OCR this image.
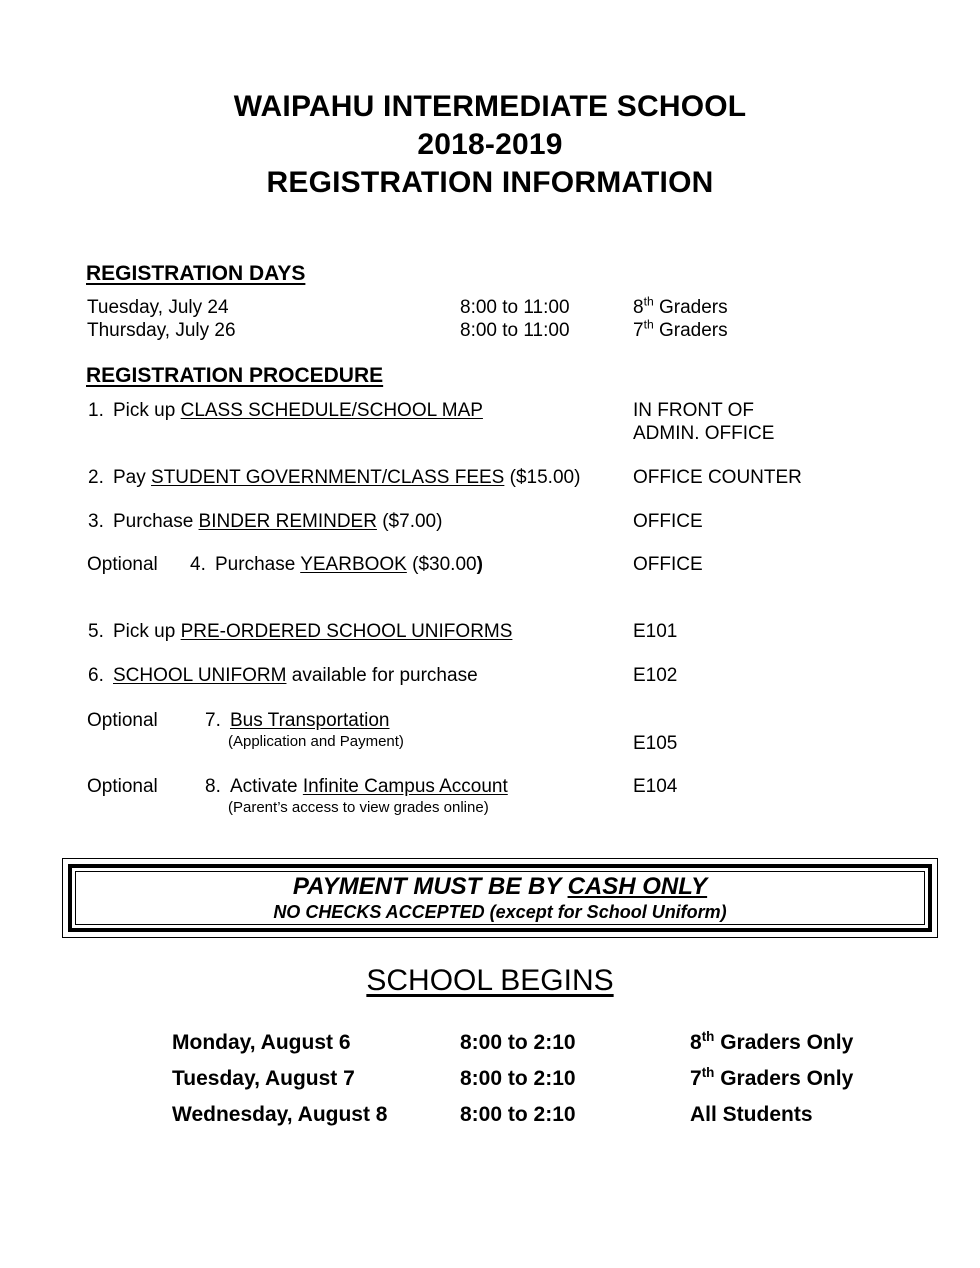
WAIPAHU INTERMEDIATE SCHOOL
2018-2019
REGISTRATION INFORMATION
REGISTRATION DAYS
Tuesday, July 24	8:00 to 11:00	8th Graders
Thursday, July 26	8:00 to 11:00	7th Graders
REGISTRATION PROCEDURE
1. Pick up CLASS SCHEDULE/SCHOOL MAP	IN FRONT OF
ADMIN. OFFICE
2. Pay STUDENT GOVERNMENT/CLASS FEES ($15.00)	OFFICE COUNTER
3. Purchase BINDER REMINDER ($7.00)	OFFICE
Optional 4. Purchase YEARBOOK ($30.00)	OFFICE
5. Pick up PRE-ORDERED SCHOOL UNIFORMS	E101
6. SCHOOL UNIFORM available for purchase	E102
Optional 7. Bus Transportation
(Application and Payment)	E105
Optional 8. Activate Infinite Campus Account	E104
(Parent’s access to view grades online)
PAYMENT MUST BE BY CASH ONLY
NO CHECKS ACCEPTED (except for School Uniform)
SCHOOL BEGINS
Monday, August 6	8:00 to 2:10	8th Graders Only
Tuesday, August 7	8:00 to 2:10	7th Graders Only
Wednesday, August 8	8:00 to 2:10	All Students
